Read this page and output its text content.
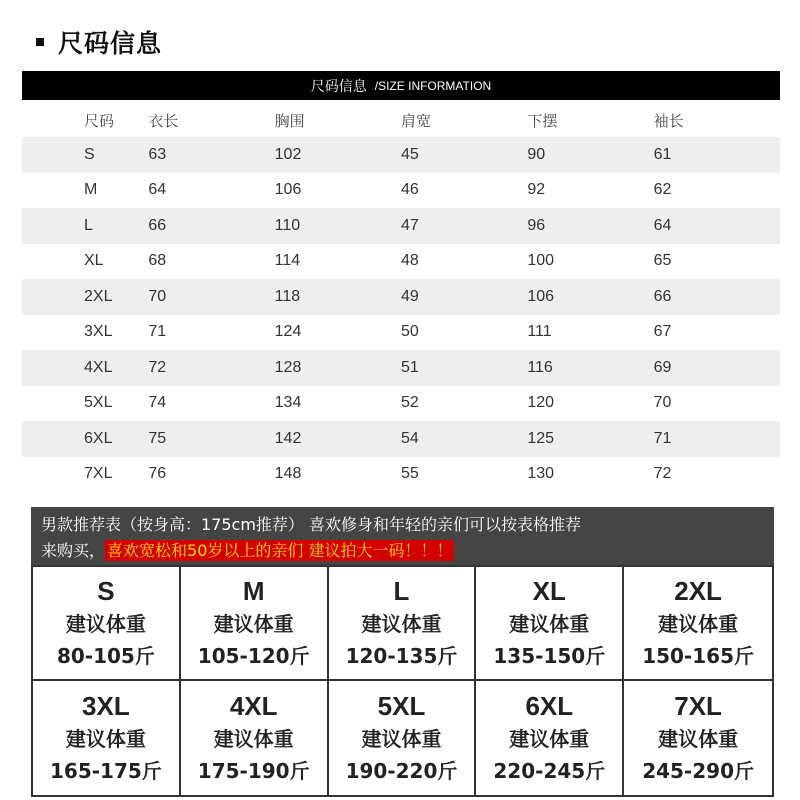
尺码信息
尺码信息 /SIZE INFORMATION
尺码	衣长	胸围	肩宽	下摆	袖长
S	63	102	45	90	61
M	64	106	46	92	62
L	66	110	47	96	64
XL	68	114	48	100	65
2XL	70	118	49	106	66
3XL	71	124	50	111	67
4XL	72	128	51	116	69
5XL	74	134	52	120	70
6XL	75	142	54	125	71
7XL	76	148	55	130	72
男款推荐表（按身高：175cm推荐） 喜欢修身和年轻的亲们可以按表格推荐
来购买， 喜欢宽松和50岁以上的亲们 建议拍大一码！！！
S
建议体重
80-105斤
M
建议体重
105-120斤
L
建议体重
120-135斤
XL
建议体重
135-150斤
2XL
建议体重
150-165斤
3XL
建议体重
165-175斤
4XL
建议体重
175-190斤
5XL
建议体重
190-220斤
6XL
建议体重
220-245斤
7XL
建议体重
245-290斤
